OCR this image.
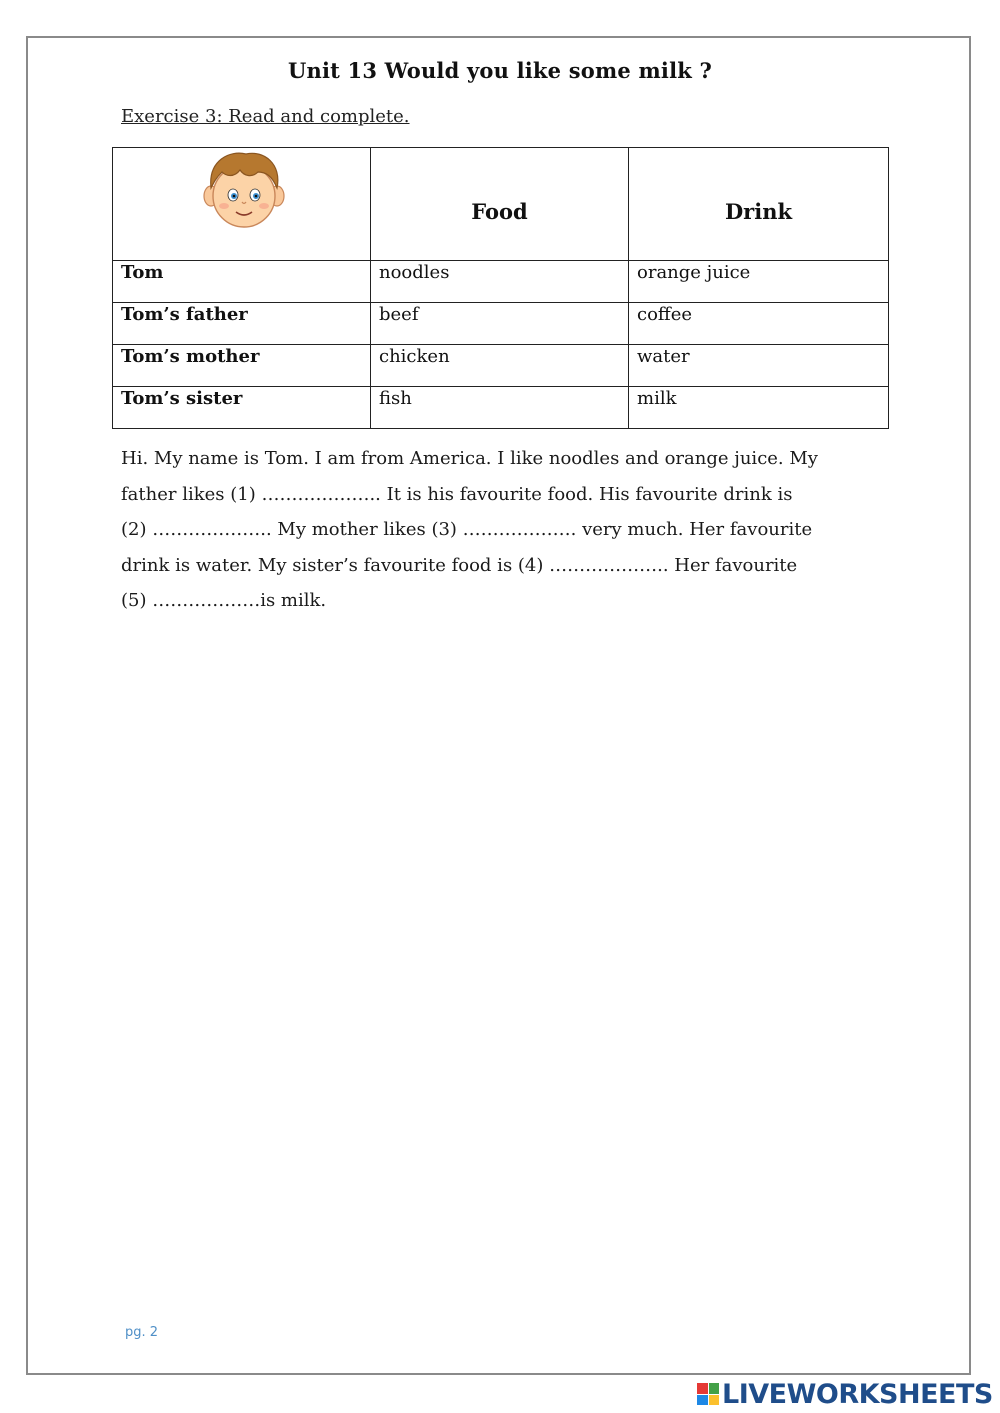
Unit 13 Would you like some milk ?
Exercise 3: Read and complete.
	Food	Drink
Tom	noodles	orange juice
Tom’s father	beef	coffee
Tom’s mother	chicken	water
Tom’s sister	fish	milk

Hi. My name is Tom. I am from America. I like noodles and orange juice. My

father likes (1) ……………….. It is his favourite food. His favourite drink is

(2) ……………….. My mother likes (3) ………………. very much. Her favourite

drink is water. My sister’s favourite food is (4) ……………….. Her favourite

(5) ………………is milk.

pg. 2
LIVEWORKSHEETS
